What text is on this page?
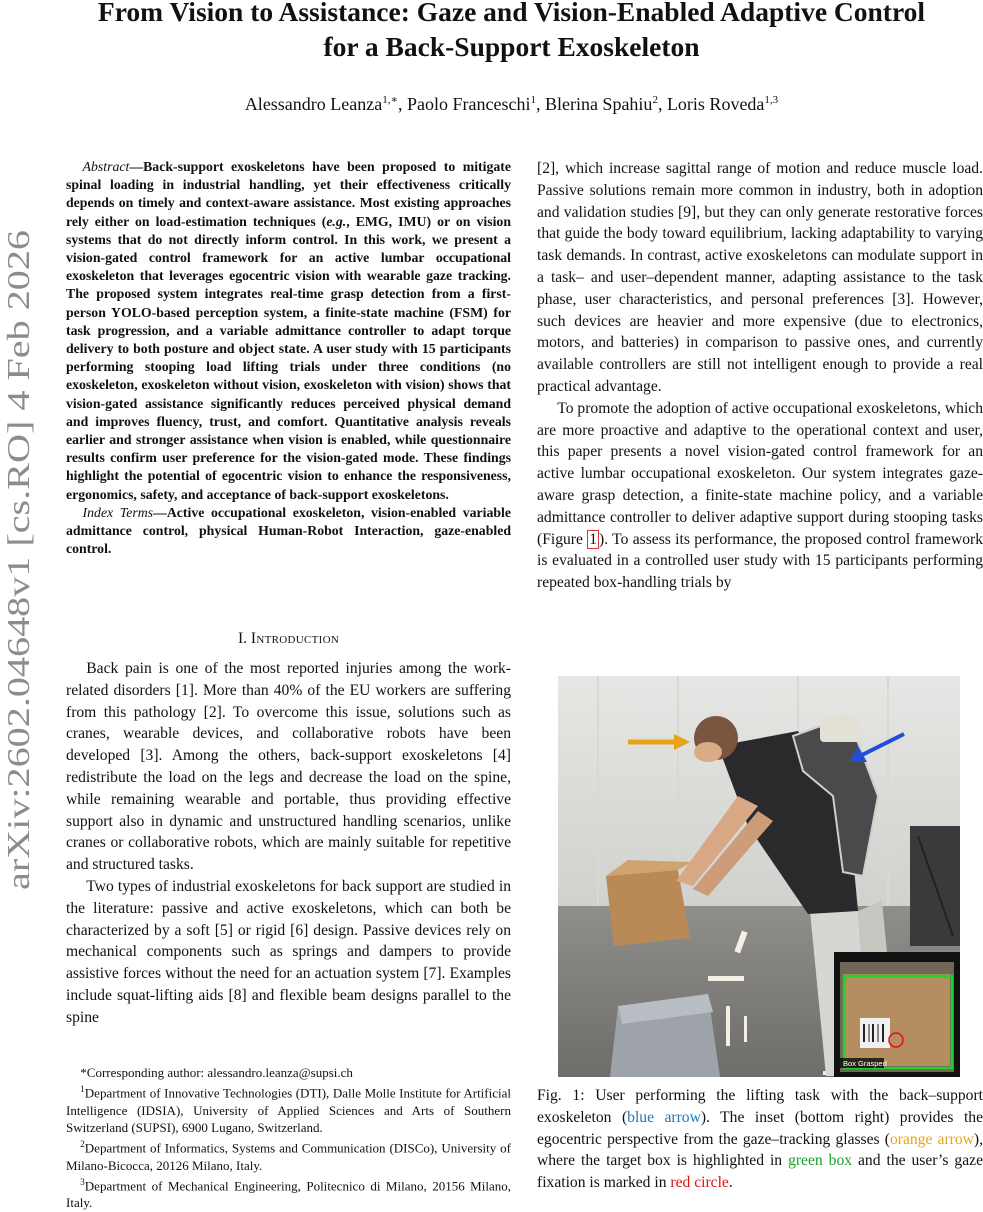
From Vision to Assistance: Gaze and Vision-Enabled Adaptive Control
for a Back-Support Exoskeleton

Alessandro Leanza$^{1,∗}$, Paolo Franceschi$^1$, Blerina Spahiu$^2$, Loris Roveda$^{1,3}$

arXiv:2602.04648v1 [cs.RO] 4 Feb 2026

Abstract—Back-support exoskeletons have been proposed to mitigate spinal loading in industrial handling, yet their effectiveness critically depends on timely and context-aware assistance. Most existing approaches rely either on load-estimation techniques (e.g., EMG, IMU) or on vision systems that do not directly inform control. In this work, we present a vision-gated control framework for an active lumbar occupational exoskeleton that leverages egocentric vision with wearable gaze tracking. The proposed system integrates real-time grasp detection from a first-person YOLO-based perception system, a finite-state machine (FSM) for task progression, and a variable admittance controller to adapt torque delivery to both posture and object state. A user study with 15 participants performing stooping load lifting trials under three conditions (no exoskeleton, exoskeleton without vision, exoskeleton with vision) shows that vision-gated assistance significantly reduces perceived physical demand and improves fluency, trust, and comfort. Quantitative analysis reveals earlier and stronger assistance when vision is enabled, while questionnaire results confirm user preference for the vision-gated mode. These findings highlight the potential of egocentric vision to enhance the responsiveness, ergonomics, safety, and acceptance of back-support exoskeletons.

Index Terms—Active occupational exoskeleton, vision-enabled variable admittance control, physical Human-Robot Interaction, gaze-enabled control.

I. Introduction

Back pain is one of the most reported injuries among the work-related disorders [1]. More than 40% of the EU workers are suffering from this pathology [2]. To overcome this issue, solutions such as cranes, wearable devices, and collaborative robots have been developed [3]. Among the others, back-support exoskeletons [4] redistribute the load on the legs and decrease the load on the spine, while remaining wearable and portable, thus providing effective support also in dynamic and unstructured handling scenarios, unlike cranes or collaborative robots, which are mainly suitable for repetitive and structured tasks.

Two types of industrial exoskeletons for back support are studied in the literature: passive and active exoskeletons, which can both be characterized by a soft [5] or rigid [6] design. Passive devices rely on mechanical components such as springs and dampers to provide assistive forces without the need for an actuation system [7]. Examples include squat-lifting aids [8] and flexible beam designs parallel to the spine

*Corresponding author: alessandro.leanza@supsi.ch

$^1$Department of Innovative Technologies (DTI), Dalle Molle Institute for Artificial Intelligence (IDSIA), University of Applied Sciences and Arts of Southern Switzerland (SUPSI), 6900 Lugano, Switzerland.

$^2$Department of Informatics, Systems and Communication (DISCo), University of Milano-Bicocca, 20126 Milano, Italy.

$^3$Department of Mechanical Engineering, Politecnico di Milano, 20156 Milano, Italy.

[2], which increase sagittal range of motion and reduce muscle load. Passive solutions remain more common in industry, both in adoption and validation studies [9], but they can only generate restorative forces that guide the body toward equilibrium, lacking adaptability to varying task demands. In contrast, active exoskeletons can modulate support in a task– and user–dependent manner, adapting assistance to the task phase, user characteristics, and personal preferences [3]. However, such devices are heavier and more expensive (due to electronics, motors, and batteries) in comparison to passive ones, and currently available controllers are still not intelligent enough to provide a real practical advantage.

To promote the adoption of active occupational exoskeletons, which are more proactive and adaptive to the operational context and user, this paper presents a novel vision-gated control framework for an active lumbar occupational exoskeleton. Our system integrates gaze-aware grasp detection, a finite-state machine policy, and a variable admittance controller to deliver adaptive support during stooping tasks (Figure 1 ). To assess its performance, the proposed control framework is evaluated in a controlled user study with 15 participants performing repeated box-handling trials by

Box Grasped

Fig. 1: User performing the lifting task with the back–support exoskeleton (blue arrow). The inset (bottom right) provides the egocentric perspective from the gaze–tracking glasses (orange arrow), where the target box is highlighted in green box and the user’s gaze fixation is marked in red circle.
